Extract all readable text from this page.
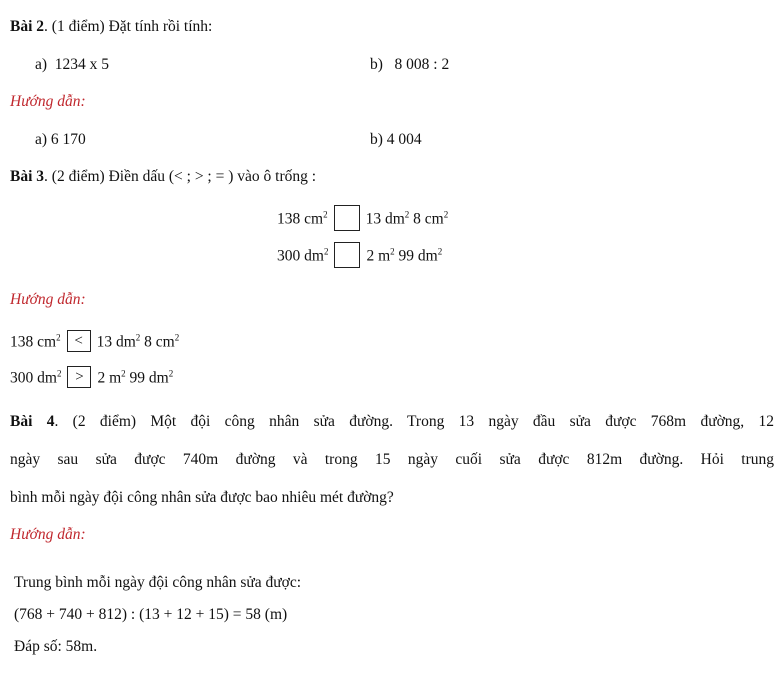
Bài 2. (1 điểm) Đặt tính rồi tính:
a) 1234 x 5	b) 8 008 : 2
Hướng dẫn:
a) 6 170	b) 4 004
Bài 3. (2 điểm) Điền dấu (< ; > ; = ) vào ô trống :
138 $cm^2$ 13 $dm^2$ 8 $cm^2$
300 $dm^2$ 2 $m^2$ 99 $dm^2$
Hướng dẫn:
138 $cm^2 < 13$ $dm^2$ 8 $cm^2$
300 $dm^2 > 2$ $m^2$ 99 $dm^2$
Bài 4. (2 điểm) Một đội công nhân sửa đường. Trong 13 ngày đầu sửa được 768m đường, 12
ngày sau sửa được 740m đường và trong 15 ngày cuối sửa được 812m đường. Hỏi trung
bình mỗi ngày đội công nhân sửa được bao nhiêu mét đường?
Hướng dẫn:
Trung bình mỗi ngày đội công nhân sửa được:
(768 + 740 + 812) : (13 + 12 + 15) = 58 (m)
Đáp số: 58m.
